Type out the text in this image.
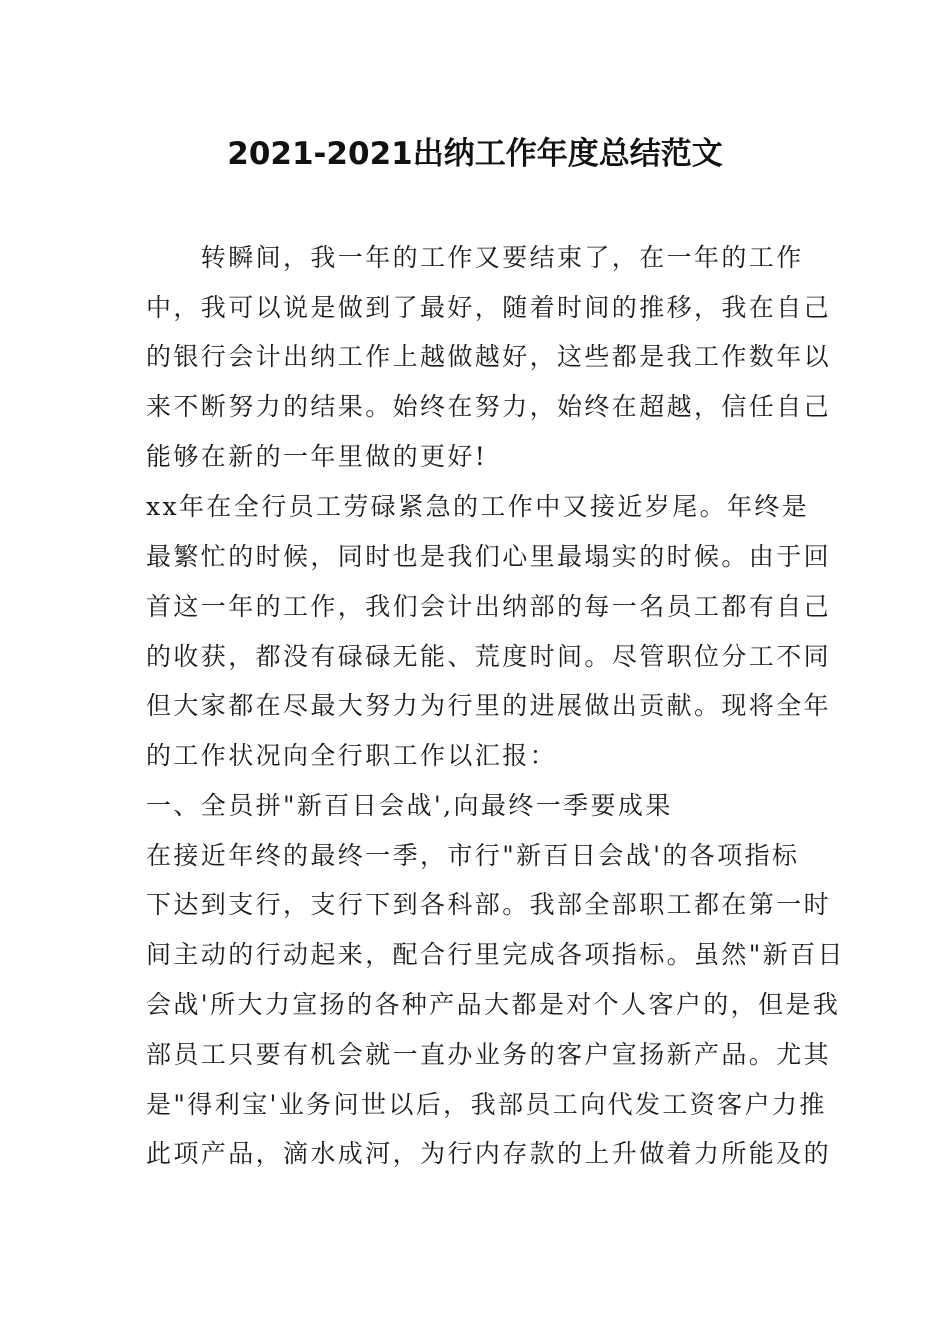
2021-2021出纳工作年度总结范文
　　转瞬间，我一年的工作又要结束了，在一年的工作
中，我可以说是做到了最好，随着时间的推移，我在自己
的银行会计出纳工作上越做越好，这些都是我工作数年以
来不断努力的结果。始终在努力，始终在超越，信任自己
能够在新的一年里做的更好!
xx年在全行员工劳碌紧急的工作中又接近岁尾。年终是
最繁忙的时候，同时也是我们心里最塌实的时候。由于回
首这一年的工作，我们会计出纳部的每一名员工都有自己
的收获，都没有碌碌无能、荒度时间。尽管职位分工不同
但大家都在尽最大努力为行里的进展做出贡献。现将全年
的工作状况向全行职工作以汇报：
一、全员拼"新百日会战',向最终一季要成果
在接近年终的最终一季，市行"新百日会战'的各项指标
下达到支行，支行下到各科部。我部全部职工都在第一时
间主动的行动起来，配合行里完成各项指标。虽然"新百日
会战'所大力宣扬的各种产品大都是对个人客户的，但是我
部员工只要有机会就一直办业务的客户宣扬新产品。尤其
是"得利宝'业务问世以后，我部员工向代发工资客户力推
此项产品，滴水成河，为行内存款的上升做着力所能及的
